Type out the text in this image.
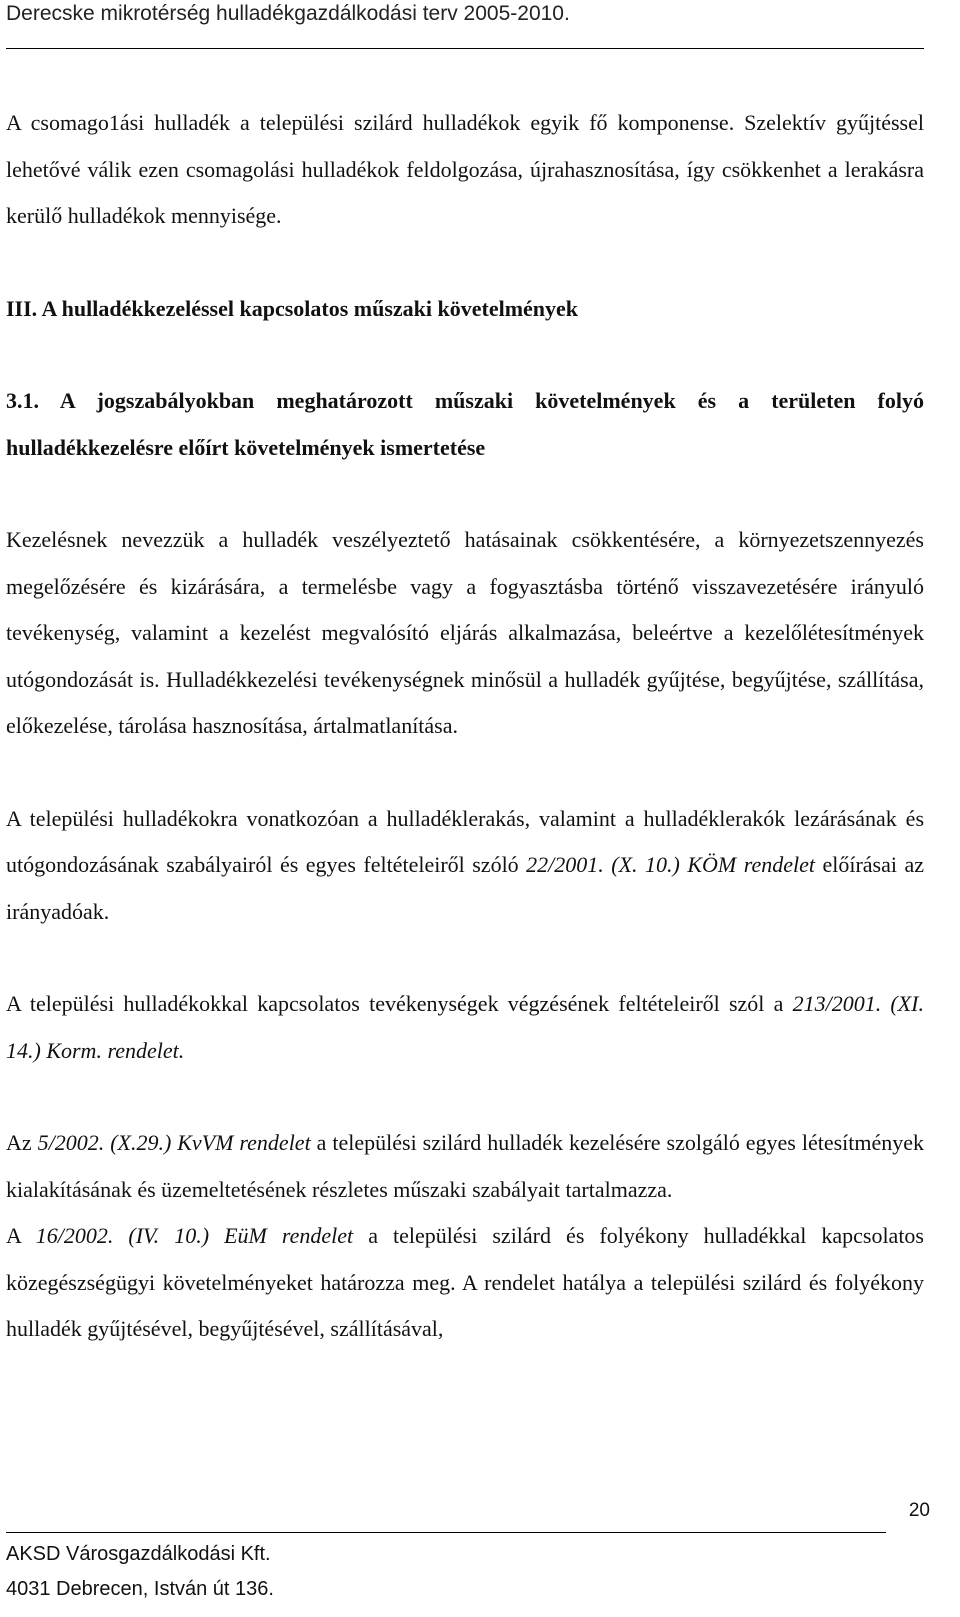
Derecske mikrotérség hulladékgazdálkodási terv 2005-2010.

A csomago1ási hulladék a települési szilárd hulladékok egyik fő komponense. Szelektív gyűjtéssel lehetővé válik ezen csomagolási hulladékok feldolgozása, újrahasznosítása, így csökkenhet a lerakásra kerülő hulladékok mennyisége.

III. A hulladékkezeléssel kapcsolatos műszaki követelmények

3.1. A jogszabályokban meghatározott műszaki követelmények és a területen folyó hulladékkezelésre előírt követelmények ismertetése

Kezelésnek nevezzük a hulladék veszélyeztető hatásainak csökkentésére, a környezetszennyezés megelőzésére és kizárására, a termelésbe vagy a fogyasztásba történő visszavezetésére irányuló tevékenység, valamint a kezelést megvalósító eljárás alkalmazása, beleértve a kezelőlétesítmények utógondozását is. Hulladékkezelési tevékenységnek minősül a hulladék gyűjtése, begyűjtése, szállítása, előkezelése, tárolása hasznosítása, ártalmatlanítása.

A települési hulladékokra vonatkozóan a hulladéklerakás, valamint a hulladéklerakók lezárásának és utógondozásának szabályairól és egyes feltételeiről szóló 22/2001. (X. 10.) KÖM rendelet előírásai az irányadóak.

A települési hulladékokkal kapcsolatos tevékenységek végzésének feltételeiről szól a 213/2001. (XI. 14.) Korm. rendelet.

Az 5/2002. (X.29.) KvVM rendelet a települési szilárd hulladék kezelésére szolgáló egyes létesítmények kialakításának és üzemeltetésének részletes műszaki szabályait tartalmazza.

A 16/2002. (IV. 10.) EüM rendelet a települési szilárd és folyékony hulladékkal kapcsolatos közegészségügyi követelményeket határozza meg. A rendelet hatálya a települési szilárd és folyékony hulladék gyűjtésével, begyűjtésével, szállításával,

20
AKSD Városgazdálkodási Kft.
4031 Debrecen, István út 136.
